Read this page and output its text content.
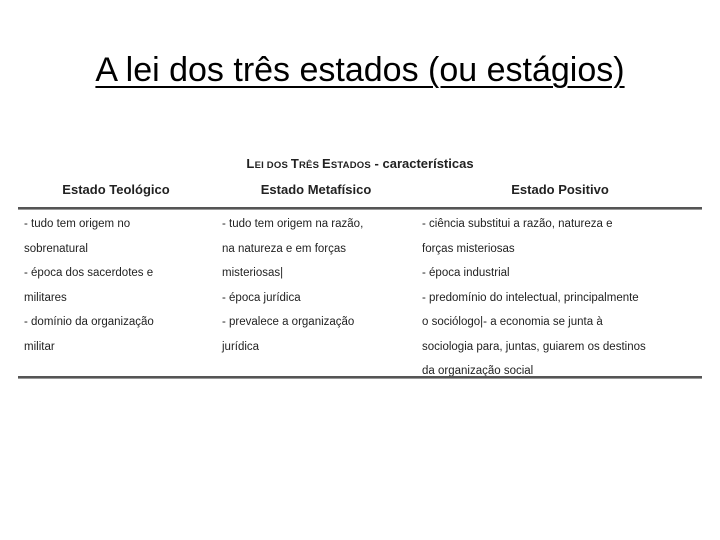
A lei dos três estados (ou estágios)
LEI DOS TRÊS ESTADOS - características
Estado Teológico	Estado Metafísico	Estado Positivo
- tudo tem origem no
sobrenatural
- época dos sacerdotes e
militares
- domínio da organização
militar
- tudo tem origem na razão,
na natureza e em forças
misteriosas|
- época jurídica
- prevalece a organização
jurídica
- ciência substitui a razão, natureza e
forças misteriosas
- época industrial
- predomínio do intelectual, principalmente
o sociólogo|- a economia se junta à
sociologia para, juntas, guiarem os destinos
da organização social
